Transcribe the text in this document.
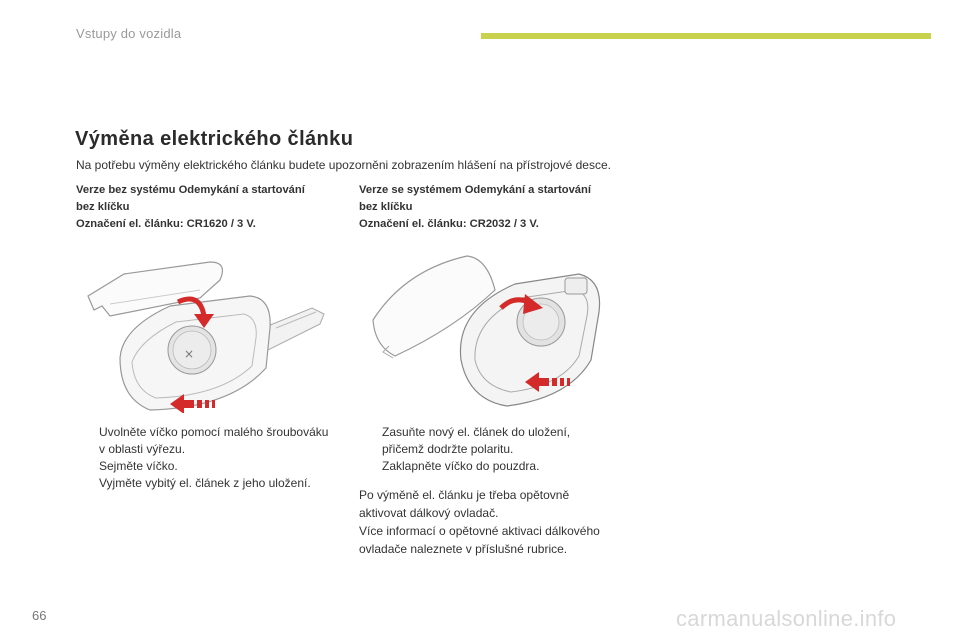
Vstupy do vozidla
Výměna elektrického článku
Na potřebu výměny elektrického článku budete upozorněni zobrazením hlášení na přístrojové desce.
Verze bez systému Odemykání a startování
bez klíčku
Označení el. článku: CR1620 / 3 V.
Verze se systémem Odemykání a startování
bez klíčku
Označení el. článku: CR2032 / 3 V.
×
Uvolněte víčko pomocí malého šroubováku
v oblasti výřezu.
Sejměte víčko.
Vyjměte vybitý el. článek z jeho uložení.
Zasuňte nový el. článek do uložení,
přičemž dodržte polaritu.
Zaklapněte víčko do pouzdra.
Po výměně el. článku je třeba opětovně
aktivovat dálkový ovladač.
Více informací o opětovné aktivaci dálkového
ovladače naleznete v příslušné rubrice.
66	carmanualsonline.info
